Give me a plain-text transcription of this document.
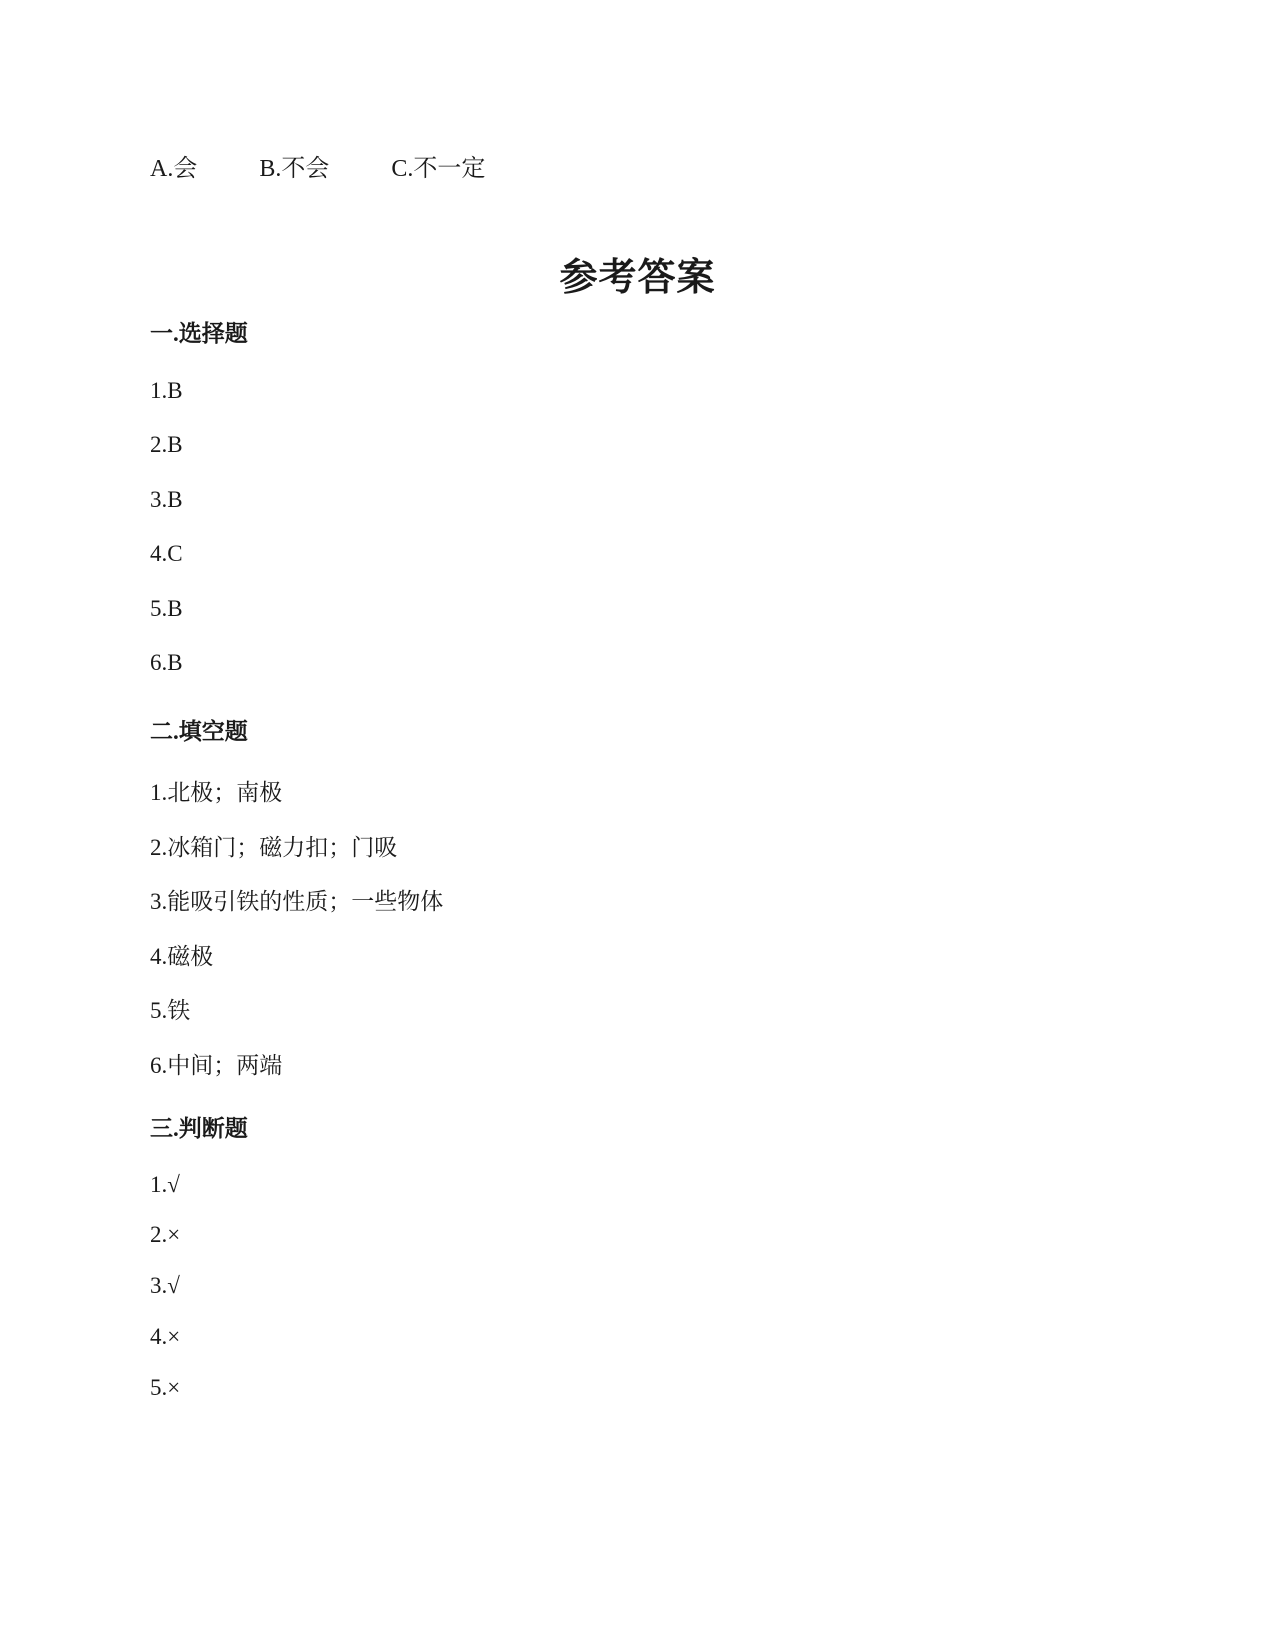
A.会	B.不会	C.不一定
参考答案
一.选择题
1.B
2.B
3.B
4.C
5.B
6.B
二.填空题
1.北极；南极
2.冰箱门；磁力扣；门吸
3.能吸引铁的性质；一些物体
4.磁极
5.铁
6.中间；两端
三.判断题
1.√
2.×
3.√
4.×
5.×
